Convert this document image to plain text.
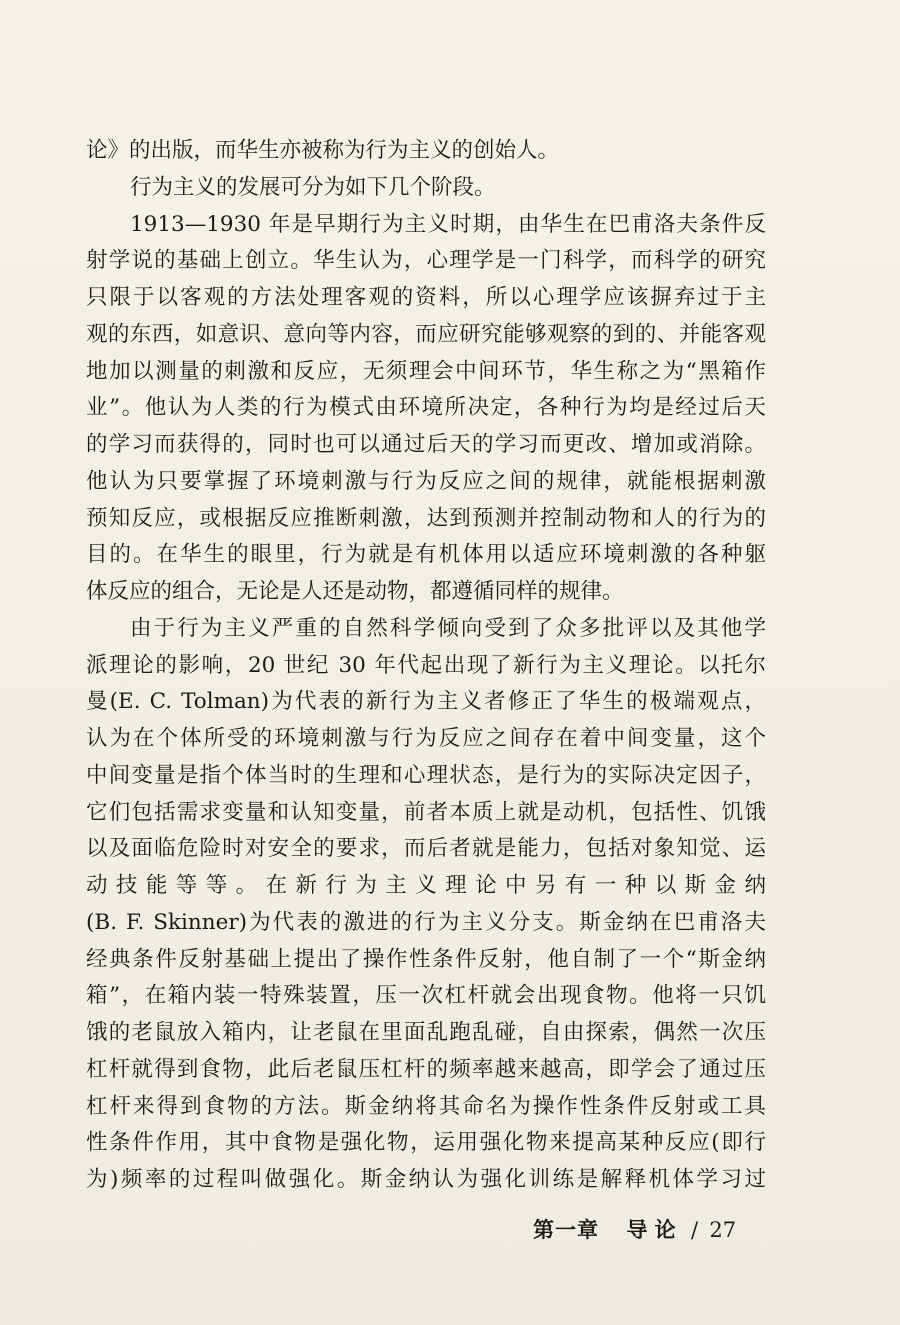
论》的出版，而华生亦被称为行为主义的创始人。
行为主义的发展可分为如下几个阶段。
1913—1930 年是早期行为主义时期，由华生在巴甫洛夫条件反
射学说的基础上创立。华生认为，心理学是一门科学，而科学的研究
只限于以客观的方法处理客观的资料，所以心理学应该摒弃过于主
观的东西，如意识、意向等内容，而应研究能够观察的到的、并能客观
地加以测量的刺激和反应，无须理会中间环节，华生称之为“黑箱作
业”。他认为人类的行为模式由环境所决定，各种行为均是经过后天
的学习而获得的，同时也可以通过后天的学习而更改、增加或消除。
他认为只要掌握了环境刺激与行为反应之间的规律，就能根据刺激
预知反应，或根据反应推断刺激，达到预测并控制动物和人的行为的
目的。在华生的眼里，行为就是有机体用以适应环境刺激的各种躯
体反应的组合，无论是人还是动物，都遵循同样的规律。
由于行为主义严重的自然科学倾向受到了众多批评以及其他学
派理论的影响，20 世纪 30 年代起出现了新行为主义理论。以托尔
曼(E. C. Tolman)为代表的新行为主义者修正了华生的极端观点，
认为在个体所受的环境刺激与行为反应之间存在着中间变量，这个
中间变量是指个体当时的生理和心理状态，是行为的实际决定因子，
它们包括需求变量和认知变量，前者本质上就是动机，包括性、饥饿
以及面临危险时对安全的要求，而后者就是能力，包括对象知觉、运
动技能等等。在新行为主义理论中另有一种以斯金纳
(B. F. Skinner)为代表的激进的行为主义分支。斯金纳在巴甫洛夫
经典条件反射基础上提出了操作性条件反射，他自制了一个“斯金纳
箱”，在箱内装一特殊装置，压一次杠杆就会出现食物。他将一只饥
饿的老鼠放入箱内，让老鼠在里面乱跑乱碰，自由探索，偶然一次压
杠杆就得到食物，此后老鼠压杠杆的频率越来越高，即学会了通过压
杠杆来得到食物的方法。斯金纳将其命名为操作性条件反射或工具
性条件作用，其中食物是强化物，运用强化物来提高某种反应(即行
为)频率的过程叫做强化。斯金纳认为强化训练是解释机体学习过
第一章 导 论 / 27
